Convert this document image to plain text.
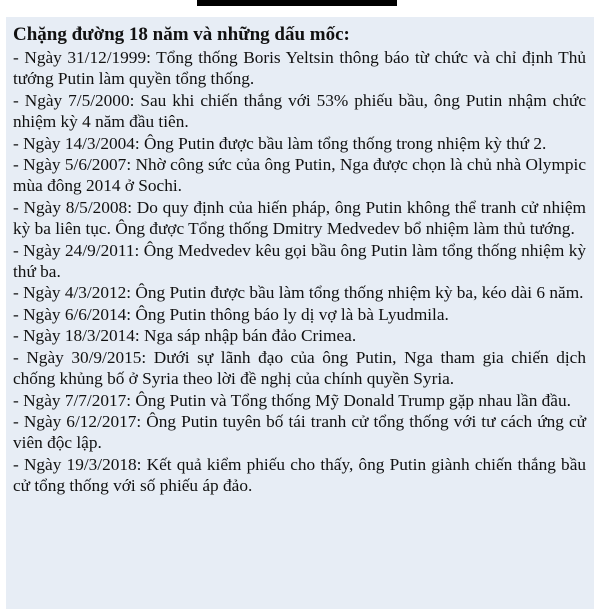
Chặng đường 18 năm và những dấu mốc:

- Ngày 31/12/1999: Tổng thống Boris Yeltsin thông báo từ chức và chỉ định Thủ tướng Putin làm quyền tổng thống.

- Ngày 7/5/2000: Sau khi chiến thắng với 53% phiếu bầu, ông Putin nhậm chức nhiệm kỳ 4 năm đầu tiên.

- Ngày 14/3/2004: Ông Putin được bầu làm tổng thống trong nhiệm kỳ thứ 2.

- Ngày 5/6/2007: Nhờ công sức của ông Putin, Nga được chọn là chủ nhà Olympic mùa đông 2014 ở Sochi.

- Ngày 8/5/2008: Do quy định của hiến pháp, ông Putin không thể tranh cử nhiệm kỳ ba liên tục. Ông được Tổng thống Dmitry Medvedev bổ nhiệm làm thủ tướng.

- Ngày 24/9/2011: Ông Medvedev kêu gọi bầu ông Putin làm tổng thống nhiệm kỳ thứ ba.

- Ngày 4/3/2012: Ông Putin được bầu làm tổng thống nhiệm kỳ ba, kéo dài 6 năm.

- Ngày 6/6/2014: Ông Putin thông báo ly dị vợ là bà Lyudmila.

- Ngày 18/3/2014: Nga sáp nhập bán đảo Crimea.

- Ngày 30/9/2015: Dưới sự lãnh đạo của ông Putin, Nga tham gia chiến dịch chống khủng bố ở Syria theo lời đề nghị của chính quyền Syria.

- Ngày 7/7/2017: Ông Putin và Tổng thống Mỹ Donald Trump gặp nhau lần đầu.

- Ngày 6/12/2017: Ông Putin tuyên bố tái tranh cử tổng thống với tư cách ứng cử viên độc lập.

- Ngày 19/3/2018: Kết quả kiểm phiếu cho thấy, ông Putin giành chiến thắng bầu cử tổng thống với số phiếu áp đảo.
